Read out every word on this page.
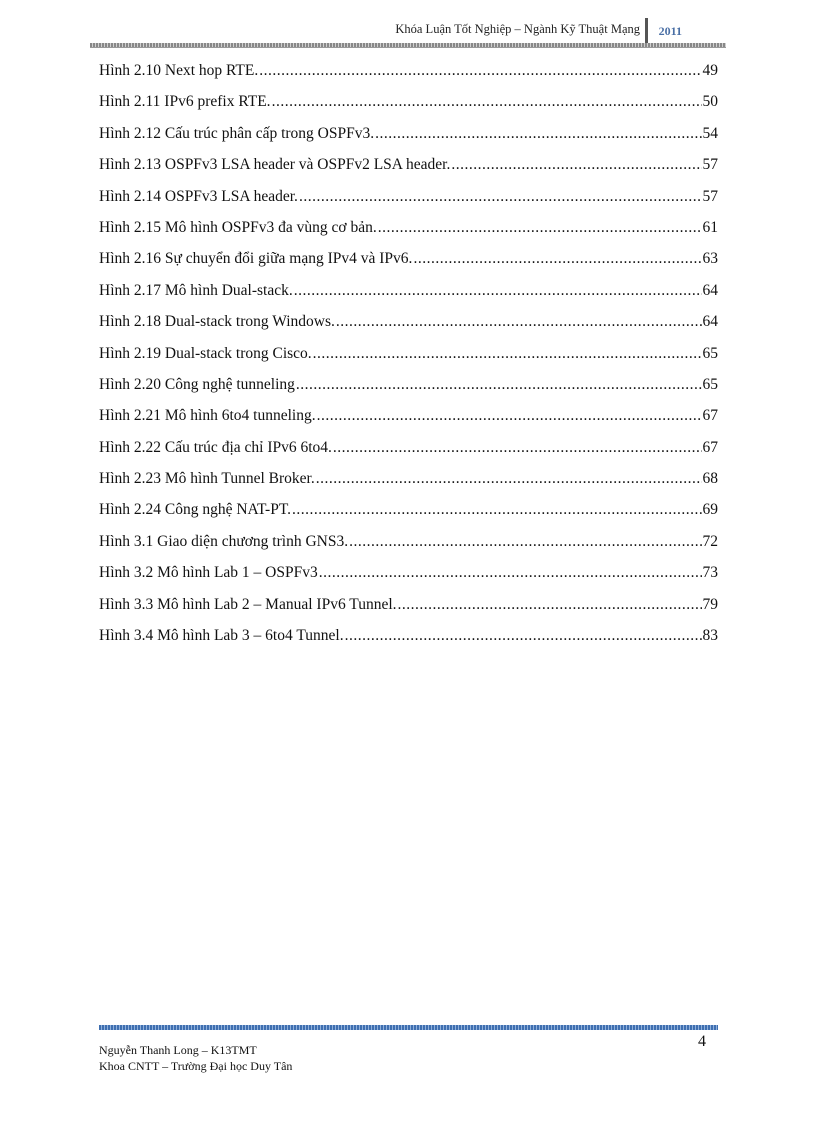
Khóa Luận Tốt Nghiệp – Ngành Kỹ Thuật Mạng 2011
Hình 2.10 Next hop RTE. .....	49
Hình 2.11 IPv6 prefix RTE. .....	50
Hình 2.12 Cấu trúc phân cấp trong OSPFv3. .....	54
Hình 2.13 OSPFv3 LSA header và OSPFv2 LSA header. .....	57
Hình 2.14 OSPFv3 LSA header. .....	57
Hình 2.15 Mô hình OSPFv3 đa vùng cơ bản. .....	61
Hình 2.16 Sự chuyển đổi giữa mạng IPv4 và IPv6. .....	63
Hình 2.17 Mô hình Dual-stack. .....	64
Hình 2.18 Dual-stack trong Windows. .....	64
Hình 2.19 Dual-stack trong Cisco. .....	65
Hình 2.20 Công nghệ tunneling .....	65
Hình 2.21 Mô hình 6to4 tunneling. .....	67
Hình 2.22 Cấu trúc địa chỉ IPv6 6to4. .....	67
Hình 2.23 Mô hình Tunnel Broker. .....	68
Hình 2.24 Công nghệ NAT-PT. .....	69
Hình 3.1 Giao diện chương trình GNS3. .....	72
Hình 3.2 Mô hình Lab 1 – OSPFv3 .....	73
Hình 3.3 Mô hình Lab 2 – Manual IPv6 Tunnel. .....	79
Hình 3.4 Mô hình Lab 3 – 6to4 Tunnel. .....	83
Nguyễn Thanh Long – K13TMT
Khoa CNTT – Trường Đại học Duy Tân
4
